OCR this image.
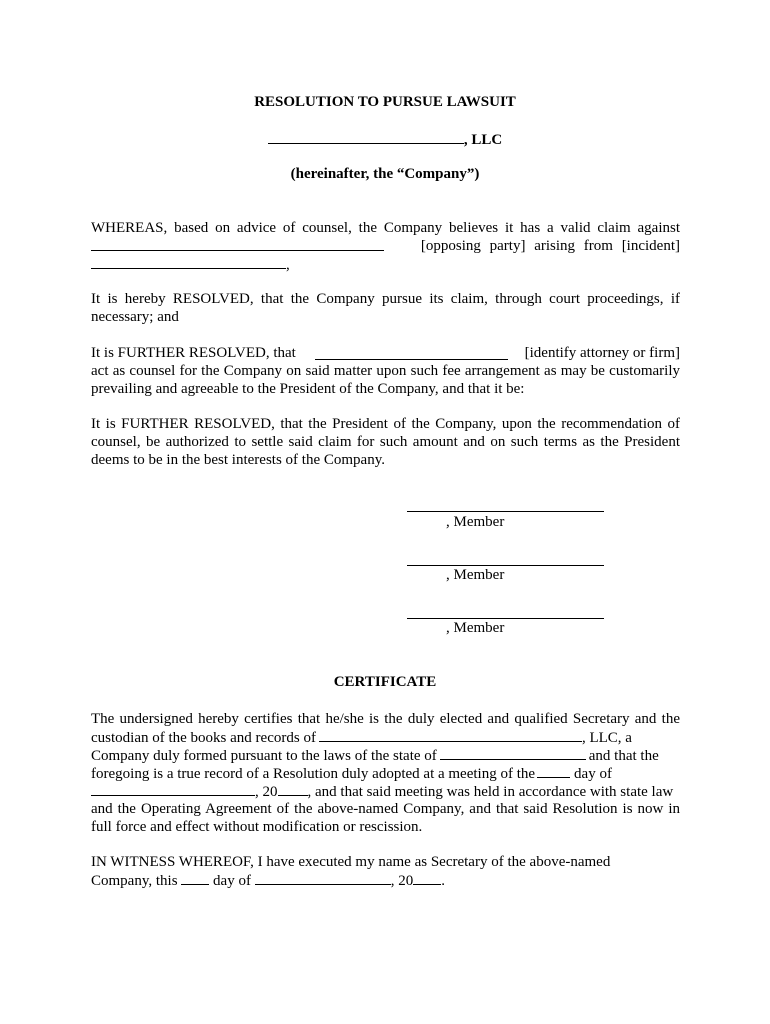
RESOLUTION TO PURSUE LAWSUIT
, LLC
(hereinafter, the “Company”)
WHEREAS, based on advice of counsel, the Company believes it has a valid claim against
[opposing party] arising from [incident]
,
It is hereby RESOLVED, that the Company pursue its claim, through court proceedings, if
necessary; and
It is FURTHER RESOLVED, that	[identify attorney or firm]
act as counsel for the Company on said matter upon such fee arrangement as may be customarily
prevailing and agreeable to the President of the Company, and that it be:
It is FURTHER RESOLVED, that the President of the Company, upon the recommendation of
counsel, be authorized to settle said claim for such amount and on such terms as the President
deems to be in the best interests of the Company.
, Member
, Member
, Member
CERTIFICATE
The undersigned hereby certifies that he/she is the duly elected and qualified Secretary and the
custodian of the books and records of	, LLC, a
Company duly formed pursuant to the laws of the state of	and that the
foregoing is a true record of a Resolution duly adopted at a meeting of the	day of
, 20 , and that said meeting was held in accordance with state law
and the Operating Agreement of the above-named Company, and that said Resolution is now in
full force and effect without modification or rescission.
IN WITNESS WHEREOF, I have executed my name as Secretary of the above-named
Company, this day of	, 20 .
